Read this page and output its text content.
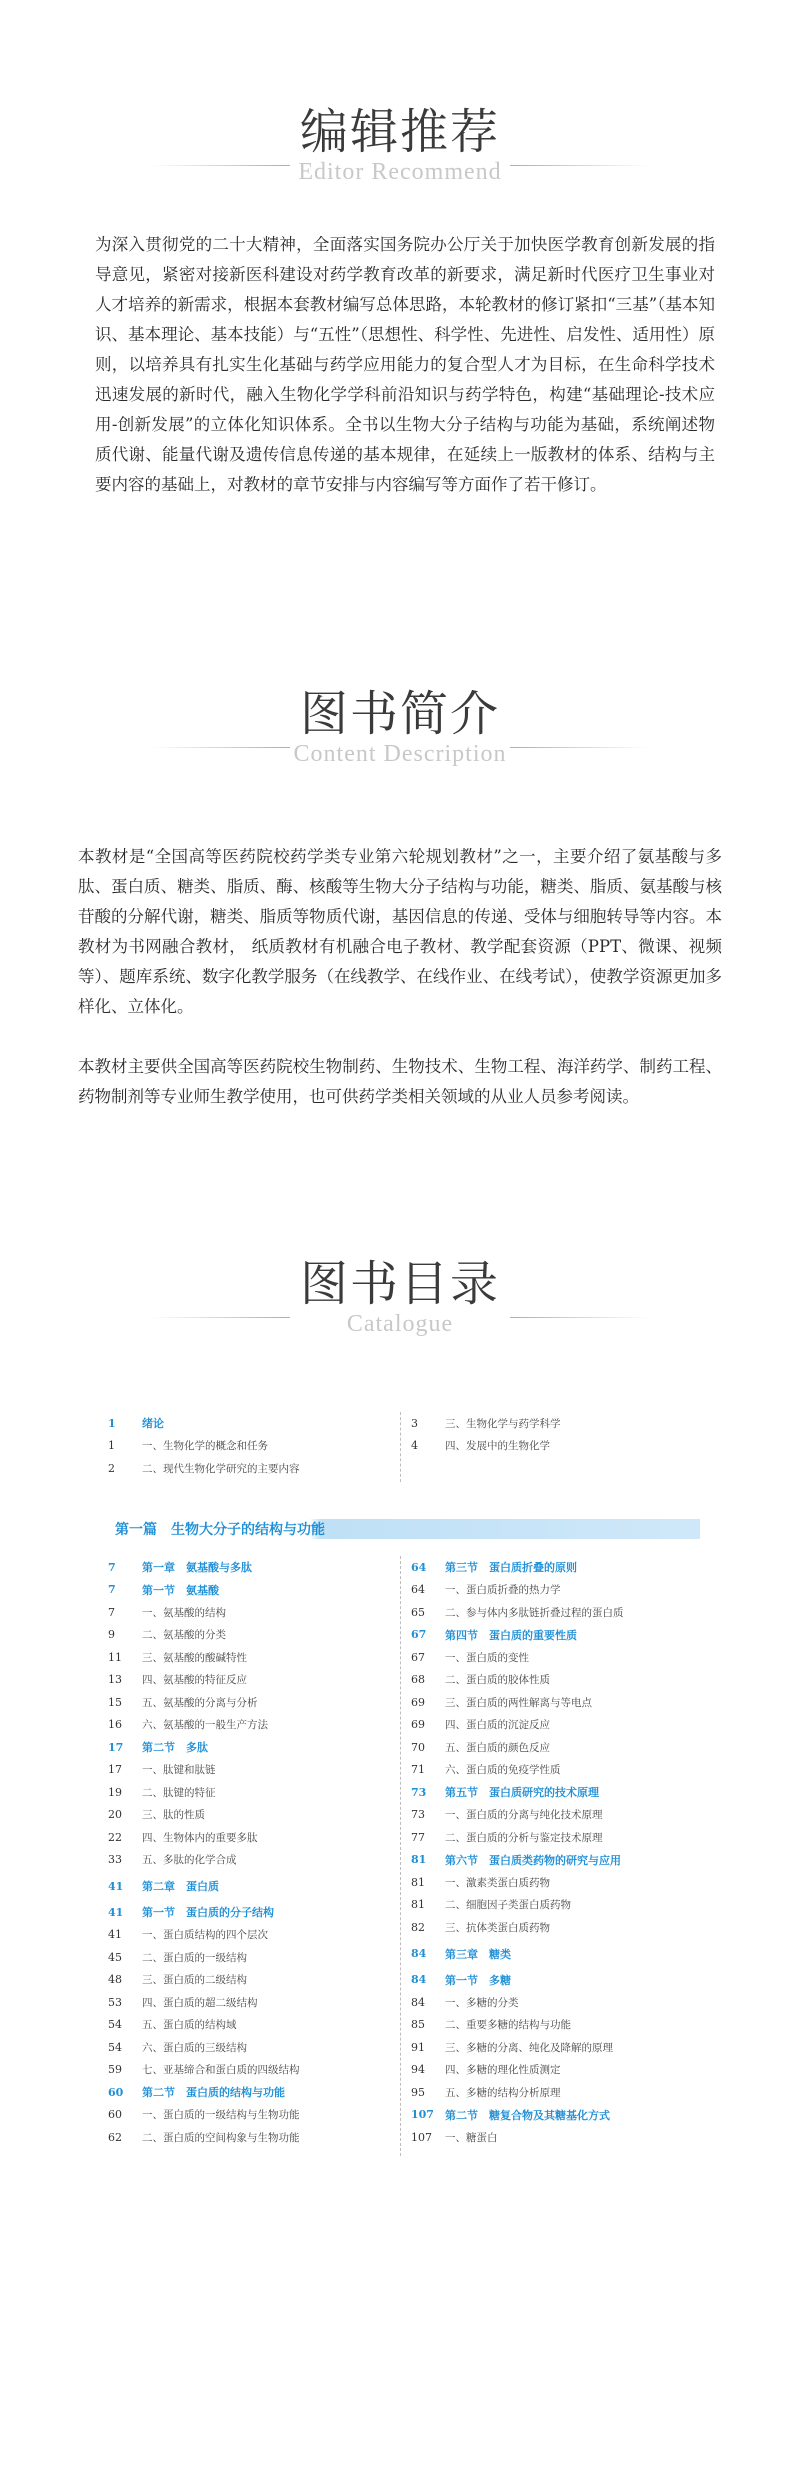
编辑推荐
Editor Recommend

为深入贯彻党的二十大精神，全面落实国务院办公厅关于加快医学教育创新发展的指导意见，紧密对接新医科建设对药学教育改革的新要求，满足新时代医疗卫生事业对人才培养的新需求，根据本套教材编写总体思路，本轮教材的修订紧扣“三基”（基本知识、基本理论、基本技能）与“五性”（思想性、科学性、先进性、启发性、适用性）原则，以培养具有扎实生化基础与药学应用能力的复合型人才为目标，在生命科学技术迅速发展的新时代，融入生物化学学科前沿知识与药学特色，构建“基础理论-技术应用-创新发展”的立体化知识体系。全书以生物大分子结构与功能为基础，系统阐述物质代谢、能量代谢及遗传信息传递的基本规律，在延续上一版教材的体系、结构与主要内容的基础上，对教材的章节安排与内容编写等方面作了若干修订。

图书简介
Content Description

本教材是“全国高等医药院校药学类专业第六轮规划教材”之一，主要介绍了氨基酸与多肽、蛋白质、糖类、脂质、酶、核酸等生物大分子结构与功能，糖类、脂质、氨基酸与核苷酸的分解代谢，糖类、脂质等物质代谢，基因信息的传递、受体与细胞转导等内容。本教材为书网融合教材， 纸质教材有机融合电子教材、教学配套资源（PPT、微课、视频等）、题库系统、数字化教学服务（在线教学、在线作业、在线考试），使教学资源更加多样化、立体化。

本教材主要供全国高等医药院校生物制药、生物技术、生物工程、海洋药学、制药工程、药物制剂等专业师生教学使用，也可供药学类相关领域的从业人员参考阅读。

图书目录
Catalogue
1	绪论
1	一、生物化学的概念和任务
2	二、现代生物化学研究的主要内容
3	三、生物化学与药学科学
4	四、发展中的生物化学
第一篇　生物大分子的结构与功能
7	第一章　氨基酸与多肽
7	第一节　氨基酸
7	一、氨基酸的结构
9	二、氨基酸的分类
11	三、氨基酸的酸碱特性
13	四、氨基酸的特征反应
15	五、氨基酸的分离与分析
16	六、氨基酸的一般生产方法
17	第二节　多肽
17	一、肽键和肽链
19	二、肽键的特征
20	三、肽的性质
22	四、生物体内的重要多肽
33	五、多肽的化学合成
41	第二章　蛋白质
41	第一节　蛋白质的分子结构
41	一、蛋白质结构的四个层次
45	二、蛋白质的一级结构
48	三、蛋白质的二级结构
53	四、蛋白质的超二级结构
54	五、蛋白质的结构域
54	六、蛋白质的三级结构
59	七、亚基缔合和蛋白质的四级结构
60	第二节　蛋白质的结构与功能
60	一、蛋白质的一级结构与生物功能
62	二、蛋白质的空间构象与生物功能
64	第三节　蛋白质折叠的原则
64	一、蛋白质折叠的热力学
65	二、参与体内多肽链折叠过程的蛋白质
67	第四节　蛋白质的重要性质
67	一、蛋白质的变性
68	二、蛋白质的胶体性质
69	三、蛋白质的两性解离与等电点
69	四、蛋白质的沉淀反应
70	五、蛋白质的颜色反应
71	六、蛋白质的免疫学性质
73	第五节　蛋白质研究的技术原理
73	一、蛋白质的分离与纯化技术原理
77	二、蛋白质的分析与鉴定技术原理
81	第六节　蛋白质类药物的研究与应用
81	一、激素类蛋白质药物
81	二、细胞因子类蛋白质药物
82	三、抗体类蛋白质药物
84	第三章　糖类
84	第一节　多糖
84	一、多糖的分类
85	二、重要多糖的结构与功能
91	三、多糖的分离、纯化及降解的原理
94	四、多糖的理化性质测定
95	五、多糖的结构分析原理
107	第二节　糖复合物及其糖基化方式
107	一、糖蛋白
